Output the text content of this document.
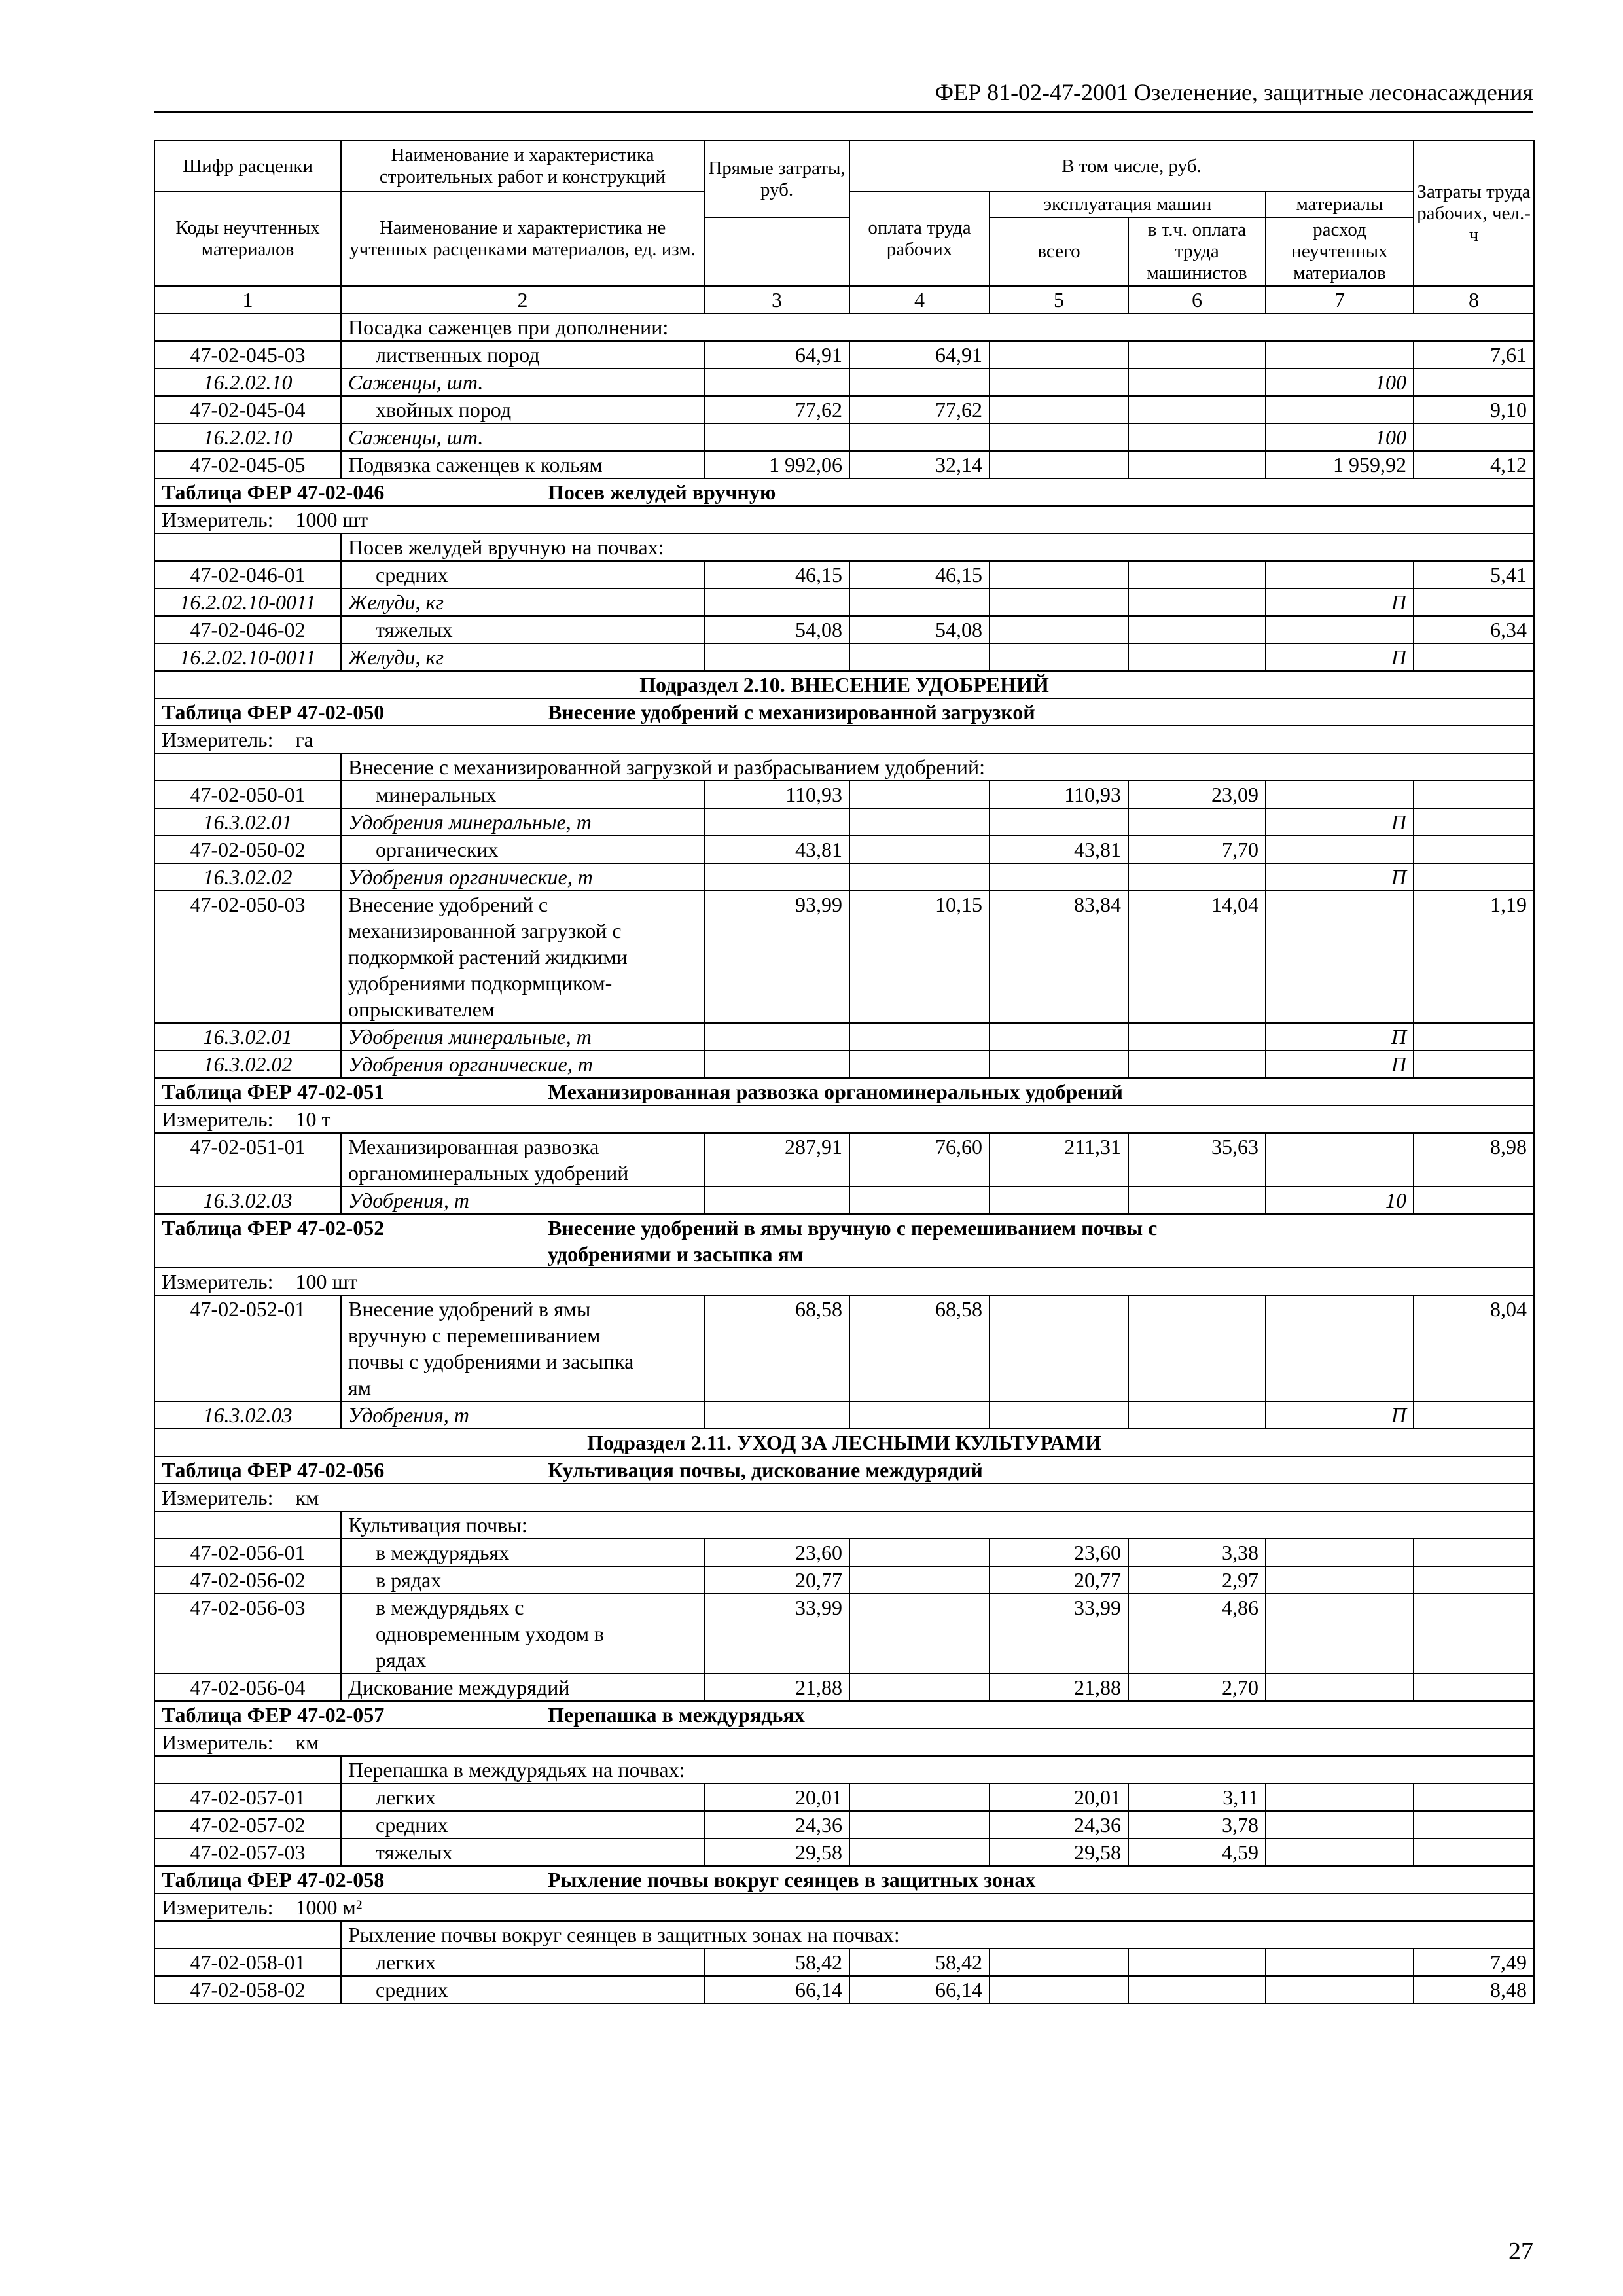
ФЕР 81-02-47-2001 Озеленение, защитные лесонасаждения
Шифр расценки	Наименование и характеристика строительных работ и конструкций	Прямые затраты, руб.	В том числе, руб.				Затраты труда рабочих, чел.-ч
Коды неучтенных материалов	Наименование и характеристика не учтенных расценками материалов, ед. изм.						
			оплата труда рабочих	эксплуатация машин		материалы	
				всего	в т.ч. оплата труда машинистов	расход неучтенных материалов	
1	2	3	4	5	6	7	8
	Посадка саженцев при дополнении:						
47-02-045-03	лиственных пород	64,91	64,91				7,61
16.2.02.10	Саженцы, шт.					100	
47-02-045-04	хвойных пород	77,62	77,62				9,10
16.2.02.10	Саженцы, шт.					100	
47-02-045-05	Подвязка саженцев к кольям	1 992,06	32,14			1 959,92	4,12
Таблица ФЕР 47-02-046 Посев желудей вручную							
Измеритель: 1000 шт							
	Посев желудей вручную на почвах:						
47-02-046-01	средних	46,15	46,15				5,41
16.2.02.10-0011	Желуди, кг					П	
47-02-046-02	тяжелых	54,08	54,08				6,34
16.2.02.10-0011	Желуди, кг					П	
Подраздел 2.10. ВНЕСЕНИЕ УДОБРЕНИЙ							
Таблица ФЕР 47-02-050 Внесение удобрений с механизированной загрузкой							
Измеритель: га							
	Внесение с механизированной загрузкой и разбрасыванием удобрений:						
47-02-050-01	минеральных	110,93		110,93	23,09		
16.3.02.01	Удобрения минеральные, т					П	
47-02-050-02	органических	43,81		43,81	7,70		
16.3.02.02	Удобрения органические, т					П	
47-02-050-03	Внесение удобрений с
механизированной загрузкой с
подкормкой растений жидкими
удобрениями подкормщиком-
опрыскивателем	93,99	10,15	83,84	14,04		1,19
16.3.02.01	Удобрения минеральные, т					П	
16.3.02.02	Удобрения органические, т					П	
Таблица ФЕР 47-02-051 Механизированная развозка органоминеральных удобрений							
Измеритель: 10 т							
47-02-051-01	Механизированная развозка
органоминеральных удобрений	287,91	76,60	211,31	35,63		8,98
16.3.02.03	Удобрения, т					10	
Таблица ФЕР 47-02-052 Внесение удобрений в ямы вручную с перемешиванием почвы с
удобрениями и засыпка ям							
Измеритель: 100 шт							
47-02-052-01	Внесение удобрений в ямы
вручную с перемешиванием
почвы с удобрениями и засыпка
ям	68,58	68,58				8,04
16.3.02.03	Удобрения, т					П	
Подраздел 2.11. УХОД ЗА ЛЕСНЫМИ КУЛЬТУРАМИ							
Таблица ФЕР 47-02-056 Культивация почвы, дискование междурядий							
Измеритель: км							
	Культивация почвы:						
47-02-056-01	в междурядьях	23,60		23,60	3,38		
47-02-056-02	в рядах	20,77		20,77	2,97		
47-02-056-03	в междурядьях с
одновременным уходом в
рядах	33,99		33,99	4,86		
47-02-056-04	Дискование междурядий	21,88		21,88	2,70		
Таблица ФЕР 47-02-057 Перепашка в междурядьях							
Измеритель: км							
	Перепашка в междурядьях на почвах:						
47-02-057-01	легких	20,01		20,01	3,11		
47-02-057-02	средних	24,36		24,36	3,78		
47-02-057-03	тяжелых	29,58		29,58	4,59		
Таблица ФЕР 47-02-058 Рыхление почвы вокруг сеянцев в защитных зонах							
Измеритель: 1000 м²							
	Рыхление почвы вокруг сеянцев в защитных зонах на почвах:						
47-02-058-01	легких	58,42	58,42				7,49
47-02-058-02	средних	66,14	66,14				8,48
27
